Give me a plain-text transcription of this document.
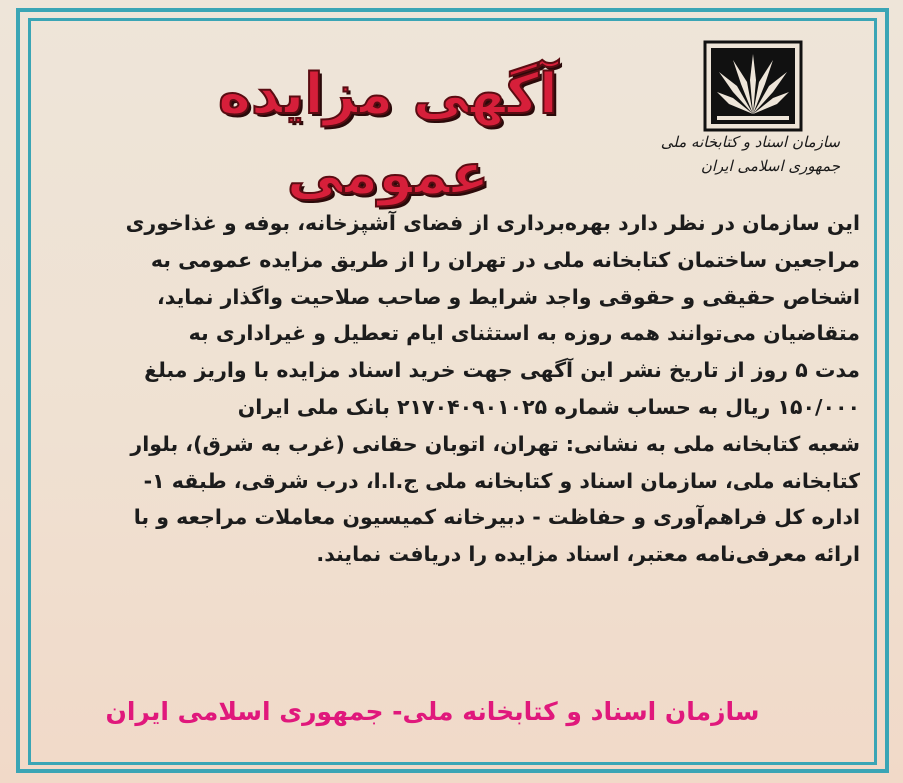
آگهی مزایده عمومی	سازمان اسناد و کتابخانه ملی
جمهوری اسلامی ایران
این سازمان در نظر دارد بهره‌برداری از فضای آشپزخانه، بوفه و غذاخوری
مراجعین ساختمان کتابخانه ملی در تهران را از طریق مزایده عمومی به
اشخاص حقیقی و حقوقی واجد شرایط و صاحب صلاحیت واگذار نماید،
متقاضیان می‌توانند همه روزه به استثنای ایام تعطیل و غیراداری به
مدت ۵ روز از تاریخ نشر این آگهی جهت خرید اسناد مزایده با واریز مبلغ
۱۵۰/۰۰۰ ریال به حساب شماره ۲۱۷۰۴۰۹۰۱۰۲۵ بانک ملی ایران
شعبه کتابخانه ملی به نشانی: تهران، اتوبان حقانی (غرب به شرق)، بلوار
کتابخانه ملی، سازمان اسناد و کتابخانه ملی ج.ا.ا، درب شرقی، طبقه ۱-
اداره کل فراهم‌آوری و حفاظت - دبیرخانه کمیسیون معاملات مراجعه و با
ارائه معرفی‌نامه معتبر، اسناد مزایده را دریافت نمایند.
سازمان اسناد و کتابخانه ملی- جمهوری اسلامی ایران
